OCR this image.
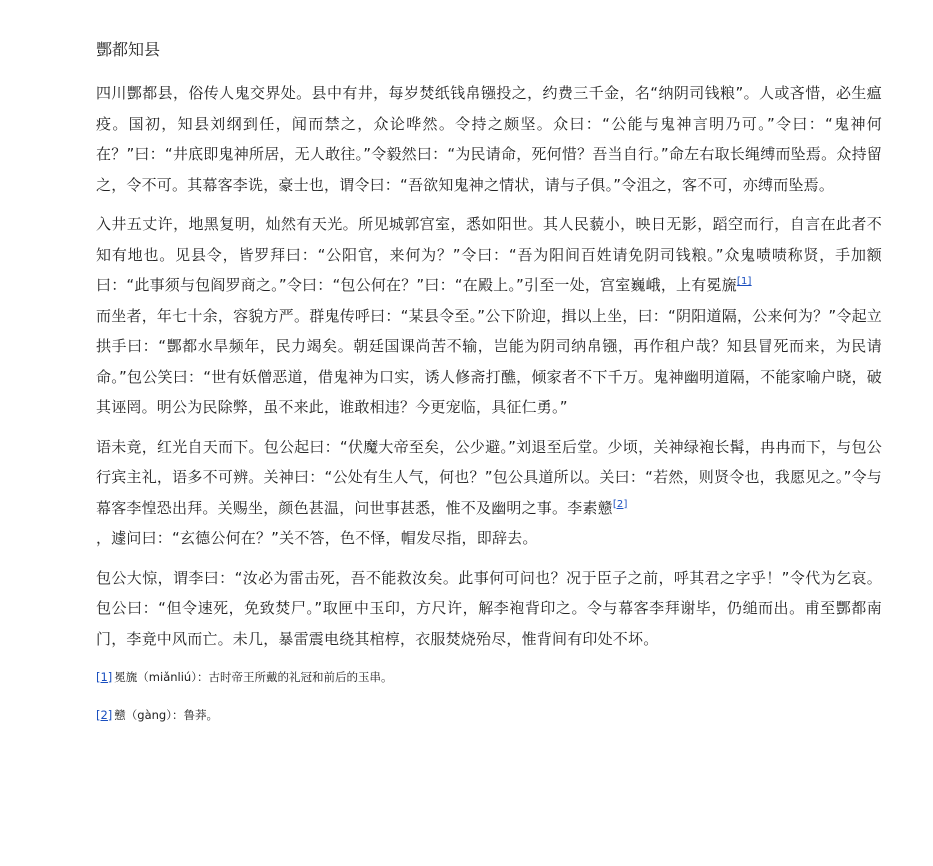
酆都知县

四川酆都县，俗传人鬼交界处。县中有井，每岁焚纸钱帛镪投之，约费三千金，名“纳阴司钱粮”。人或吝惜，必生瘟疫。国初，知县刘纲到任，闻而禁之，众论哗然。令持之颇坚。众曰：“公能与鬼神言明乃可。”令曰：“鬼神何在？”曰：“井底即鬼神所居，无人敢往。”令毅然曰：“为民请命，死何惜？吾当自行。”命左右取长绳缚而坠焉。众持留之，令不可。其幕客李诜，豪士也，谓令曰：“吾欲知鬼神之情状，请与子俱。”令沮之，客不可，亦缚而坠焉。

入井五丈许，地黑复明，灿然有天光。所见城郭宫室，悉如阳世。其人民藐小，映日无影，蹈空而行，自言在此者不知有地也。见县令，皆罗拜曰：“公阳官，来何为？”令曰：“吾为阳间百姓请免阴司钱粮。”众鬼啧啧称贤，手加额曰：“此事须与包阎罗商之。”令曰：“包公何在？”曰：“在殿上。”引至一处，宫室巍峨，上有冕旒[1]

而坐者，年七十余，容貌方严。群鬼传呼曰：“某县令至。”公下阶迎，揖以上坐，曰：“阴阳道隔，公来何为？”令起立拱手曰：“酆都水旱频年，民力竭矣。朝廷国课尚苦不输，岂能为阴司纳帛镪，再作租户哉？知县冒死而来，为民请命。”包公笑曰：“世有妖僧恶道，借鬼神为口实，诱人修斋打醮，倾家者不下千万。鬼神幽明道隔，不能家喻户晓，破其诬罔。明公为民除弊，虽不来此，谁敢相违？今更宠临，具征仁勇。”

语未竟，红光自天而下。包公起曰：“伏魔大帝至矣，公少避。”刘退至后堂。少顷，关神绿袍长髯，冉冉而下，与包公行宾主礼，语多不可辨。关神曰：“公处有生人气，何也？”包公具道所以。关曰：“若然，则贤令也，我愿见之。”令与幕客李惶恐出拜。关赐坐，颜色甚温，问世事甚悉，惟不及幽明之事。李素戆[2]

，遽问曰：“玄德公何在？”关不答，色不怿，帽发尽指，即辞去。

包公大惊，谓李曰：“汝必为雷击死，吾不能救汝矣。此事何可问也？况于臣子之前，呼其君之字乎！”令代为乞哀。包公曰：“但令速死，免致焚尸。”取匣中玉印，方尺许，解李袍背印之。令与幕客李拜谢毕，仍缒而出。甫至酆都南门，李竟中风而亡。未几，暴雷震电绕其棺椁，衣服焚烧殆尽，惟背间有印处不坏。

[1] 冕旒（miǎnliú）：古时帝王所戴的礼冠和前后的玉串。
[2] 戆（gàng）：鲁莽。
